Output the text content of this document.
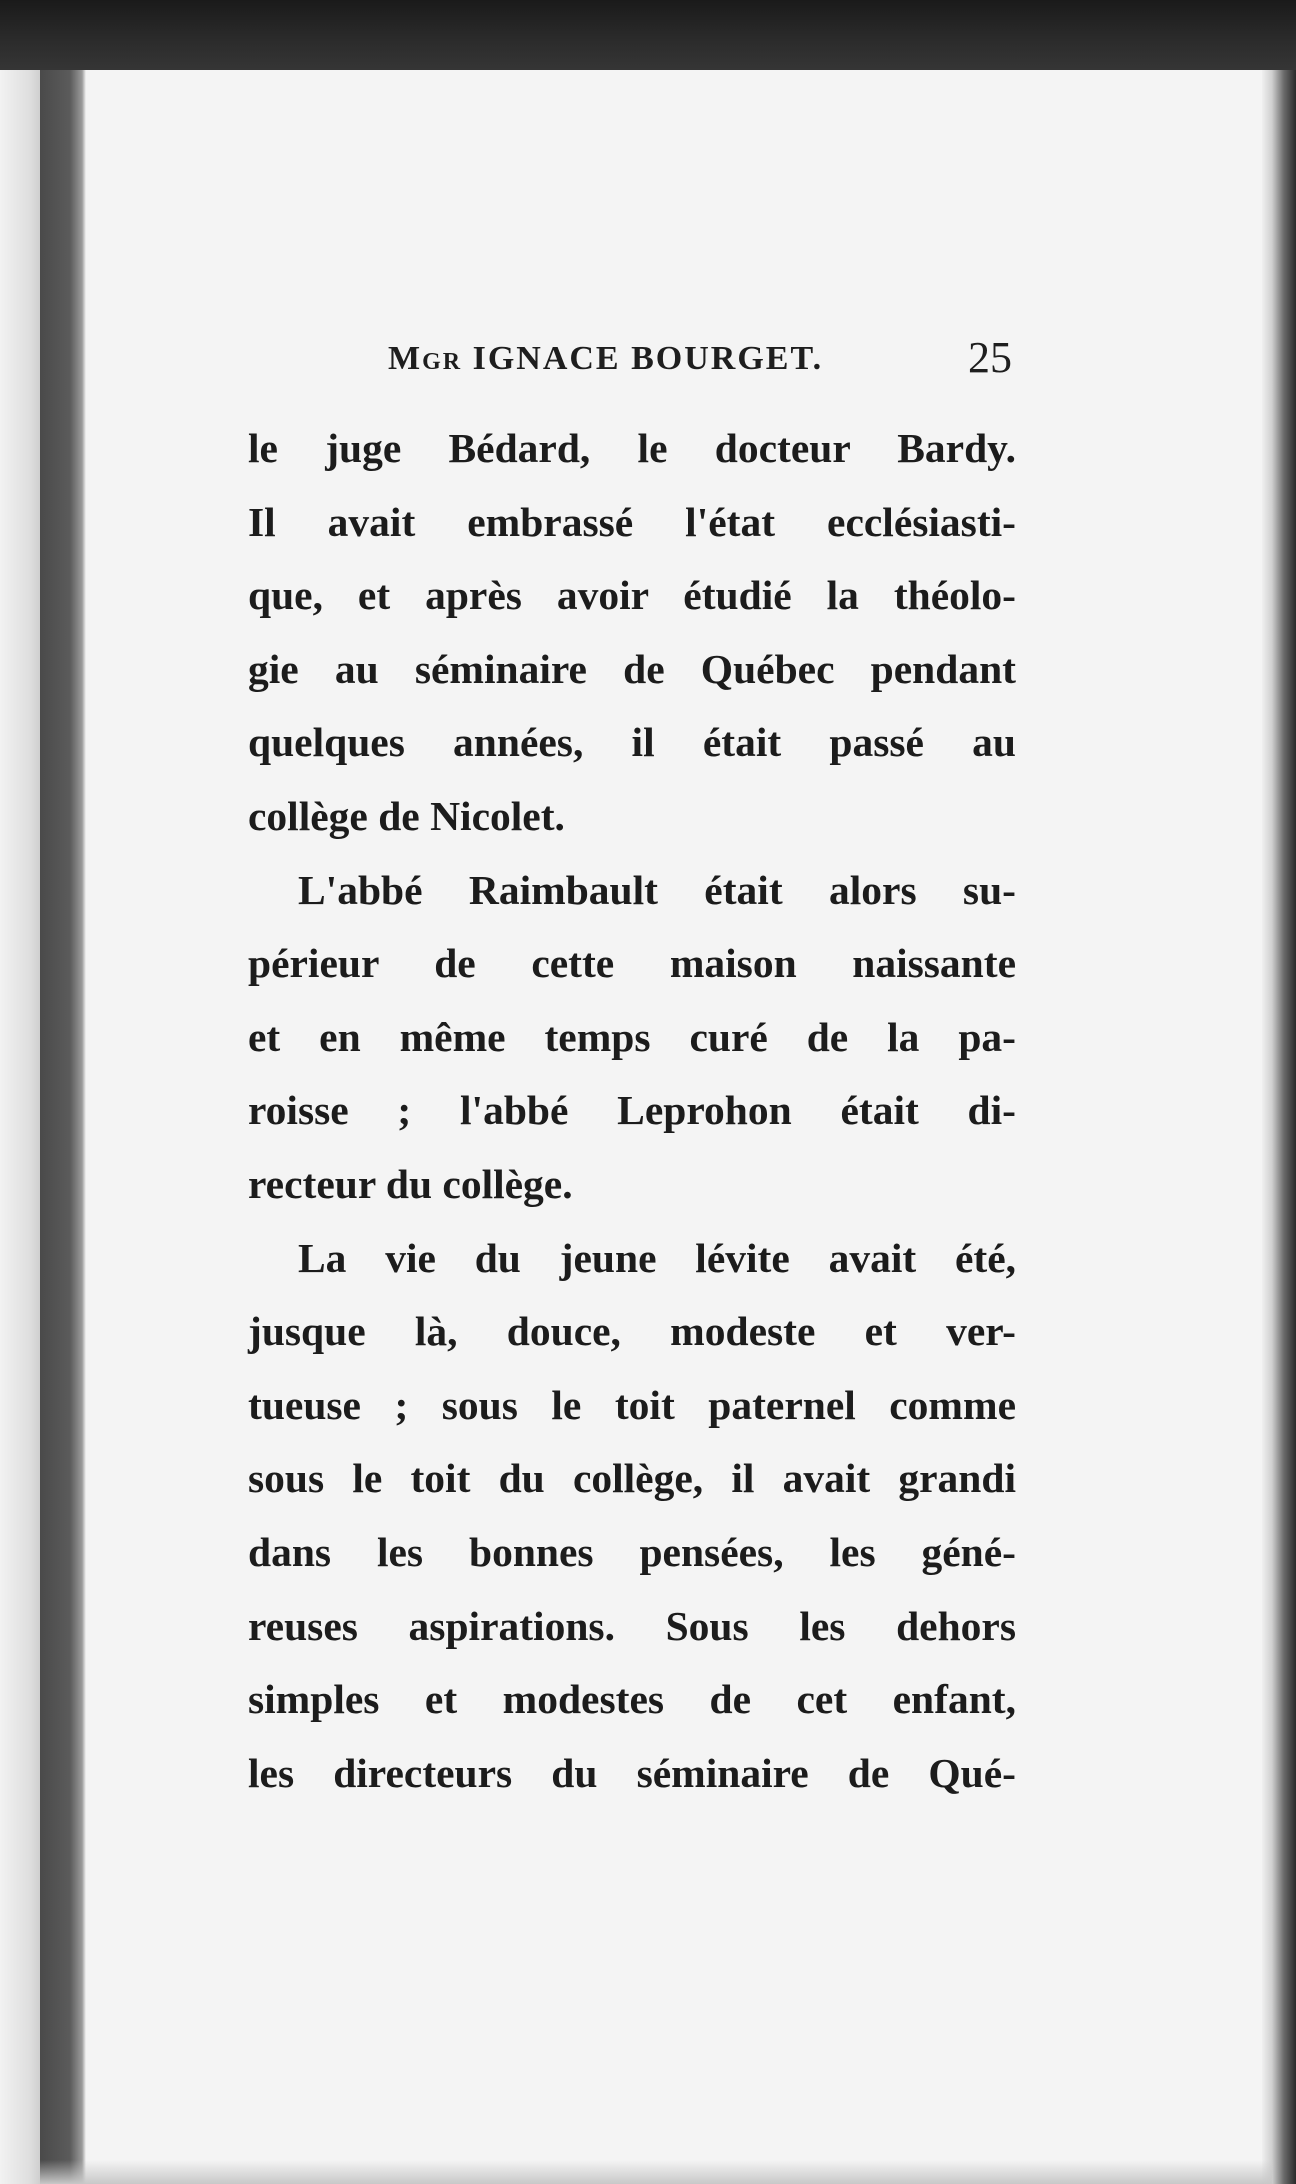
Mgr IGNACE BOURGET.	25
le juge Bédard, le docteur Bardy.
Il avait embrassé l'état ecclésiasti-
que, et après avoir étudié la théolo-
gie au séminaire de Québec pendant
quelques années, il était passé au
collège de Nicolet.
L'abbé Raimbault était alors su-
périeur de cette maison naissante
et en même temps curé de la pa-
roisse ; l'abbé Leprohon était di-
recteur du collège.
La vie du jeune lévite avait été,
jusque là, douce, modeste et ver-
tueuse ; sous le toit paternel comme
sous le toit du collège, il avait grandi
dans les bonnes pensées, les géné-
reuses aspirations. Sous les dehors
simples et modestes de cet enfant,
les directeurs du séminaire de Qué-
